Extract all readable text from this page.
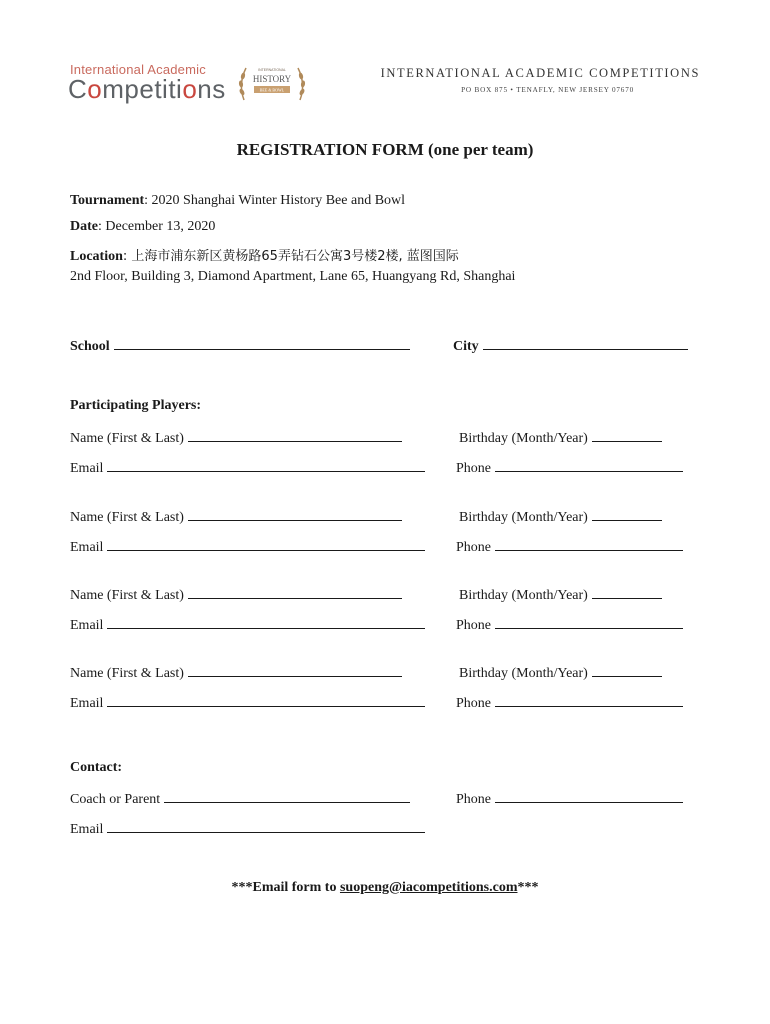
International Academic
Competitions
INTERNATIONAL
HISTORY
BEE & BOWL
INTERNATIONAL ACADEMIC COMPETITIONS
PO BOX 875 • TENAFLY, NEW JERSEY 07670
REGISTRATION FORM (one per team)
Tournament: 2020 Shanghai Winter History Bee and Bowl
Date: December 13, 2020
Location: 上海市浦东新区黄杨路65弄钻石公寓3号楼2楼, 蓝图国际
2nd Floor, Building 3, Diamond Apartment, Lane 65, Huangyang Rd, Shanghai
School	City
Participating Players:
Name (First & Last)	Birthday (Month/Year)
Email	Phone
Name (First & Last)	Birthday (Month/Year)
Email	Phone
Name (First & Last)	Birthday (Month/Year)
Email	Phone
Name (First & Last)	Birthday (Month/Year)
Email	Phone
Contact:
Coach or Parent	Phone
Email
***Email form to suopeng@iacompetitions.com***
